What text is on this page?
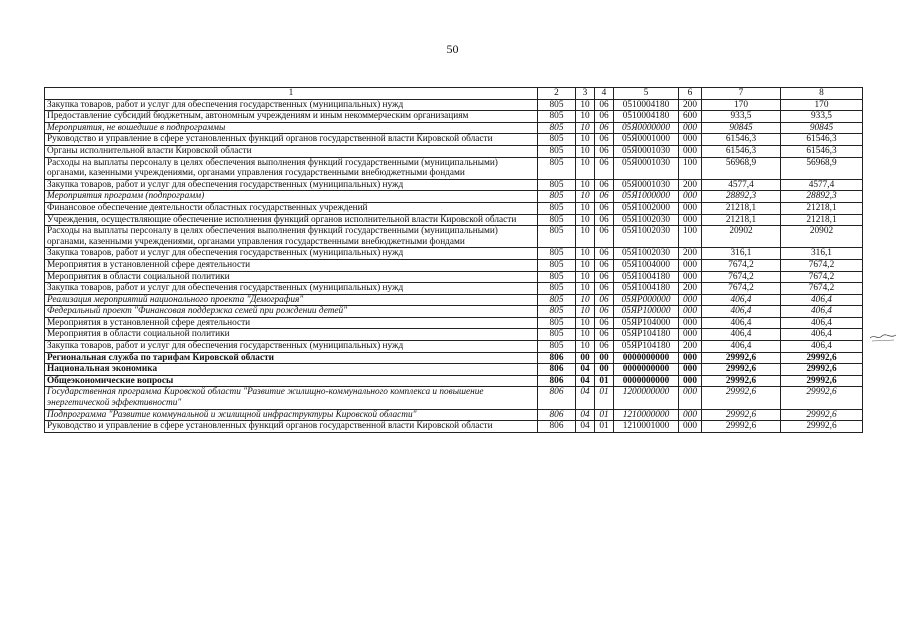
50
1	2	3	4	5	6	7	8
Закупка товаров, работ и услуг для обеспечения государственных (муниципальных) нужд	805	10	06	0510004180	200	170	170
Предоставление субсидий бюджетным, автономным учреждениям и иным некоммерческим организациям	805	10	06	0510004180	600	933,5	933,5
Мероприятия, не вошедшие в подпрограммы	805	10	06	05Я0000000	000	90845	90845
Руководство и управление в сфере установленных функций органов государственной власти Кировской области	805	10	06	05Я0001000	000	61546,3	61546,3
Органы исполнительной власти Кировской области	805	10	06	05Я0001030	000	61546,3	61546,3
Расходы на выплаты персоналу в целях обеспечения выполнения функций государственными (муниципальными) органами, казенными учреждениями, органами управления государственными внебюджетными фондами	805	10	06	05Я0001030	100	56968,9	56968,9
Закупка товаров, работ и услуг для обеспечения государственных (муниципальных) нужд	805	10	06	05Я0001030	200	4577,4	4577,4
Мероприятия программ (подпрограмм)	805	10	06	05Я1000000	000	28892,3	28892,3
Финансовое обеспечение деятельности областных государственных учреждений	805	10	06	05Я1002000	000	21218,1	21218,1
Учреждения, осуществляющие обеспечение исполнения функций органов исполнительной власти Кировской области	805	10	06	05Я1002030	000	21218,1	21218,1
Расходы на выплаты персоналу в целях обеспечения выполнения функций государственными (муниципальными) органами, казенными учреждениями, органами управления государственными внебюджетными фондами	805	10	06	05Я1002030	100	20902	20902
Закупка товаров, работ и услуг для обеспечения государственных (муниципальных) нужд	805	10	06	05Я1002030	200	316,1	316,1
Мероприятия в установленной сфере деятельности	805	10	06	05Я1004000	000	7674,2	7674,2
Мероприятия в области социальной политики	805	10	06	05Я1004180	000	7674,2	7674,2
Закупка товаров, работ и услуг для обеспечения государственных (муниципальных) нужд	805	10	06	05Я1004180	200	7674,2	7674,2
Реализация мероприятий национального проекта "Демография"	805	10	06	05ЯР000000	000	406,4	406,4
Федеральный проект "Финансовая поддержка семей при рождении детей"	805	10	06	05ЯР100000	000	406,4	406,4
Мероприятия в установленной сфере деятельности	805	10	06	05ЯР104000	000	406,4	406,4
Мероприятия в области социальной политики	805	10	06	05ЯР104180	000	406,4	406,4
Закупка товаров, работ и услуг для обеспечения государственных (муниципальных) нужд	805	10	06	05ЯР104180	200	406,4	406,4
Региональная служба по тарифам Кировской области	806	00	00	0000000000	000	29992,6	29992,6
Национальная экономика	806	04	00	0000000000	000	29992,6	29992,6
Общеэкономические вопросы	806	04	01	0000000000	000	29992,6	29992,6
Государственная программа Кировской области "Развитие жилищно-коммунального комплекса и повышение энергетической эффективности"	806	04	01	1200000000	000	29992,6	29992,6
Подпрограмма "Развитие коммунальной и жилищной инфраструктуры Кировской области"	806	04	01	1210000000	000	29992,6	29992,6
Руководство и управление в сфере установленных функций органов государственной власти Кировской области	806	04	01	1210001000	000	29992,6	29992,6
